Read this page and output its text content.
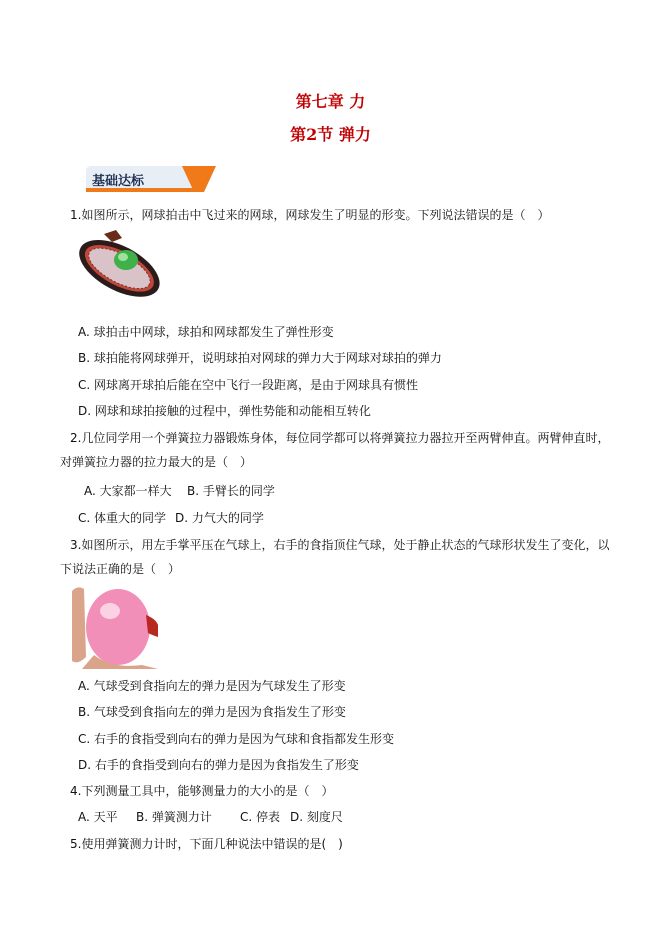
第七章 力
第2节 弹力
基础达标
1.如图所示，网球拍击中飞过来的网球，网球发生了明显的形变。下列说法错误的是（　）
A. 球拍击中网球，球拍和网球都发生了弹性形变
B. 球拍能将网球弹开，说明球拍对网球的弹力大于网球对球拍的弹力
C. 网球离开球拍后能在空中飞行一段距离，是由于网球具有惯性
D. 网球和球拍接触的过程中，弹性势能和动能相互转化
2.几位同学用一个弹簧拉力器锻炼身体，每位同学都可以将弹簧拉力器拉开至两臂伸直。两臂伸直时，对弹簧拉力器的拉力最大的是（　）
A. 大家都一样大 B. 手臂长的同学
C. 体重大的同学 D. 力气大的同学
3.如图所示，用左手掌平压在气球上，右手的食指顶住气球，处于静止状态的气球形状发生了变化，以下说法正确的是（　）
A. 气球受到食指向左的弹力是因为气球发生了形变
B. 气球受到食指向左的弹力是因为食指发生了形变
C. 右手的食指受到向右的弹力是因为气球和食指都发生形变
D. 右手的食指受到向右的弹力是因为食指发生了形变
4.下列测量工具中，能够测量力的大小的是（　）
A. 天平 B. 弹簧测力计 C. 停表 D. 刻度尺
5.使用弹簧测力计时，下面几种说法中错误的是(　)
